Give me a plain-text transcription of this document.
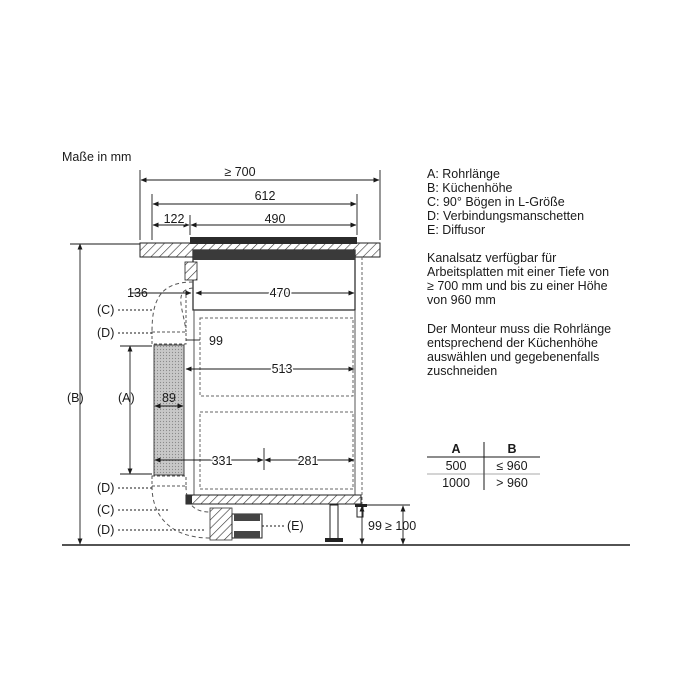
Maße in mm
≥ 700
612
122	490
136	470
99
513
89
331	281
99 ≥ 100
(C)
(D)
(A)
(B)
(D)
(C)
(D)	(E)
A: Rohrlänge
B: Küchenhöhe
C: 90° Bögen in L-Größe
D: Verbindungsmanschetten
E: Diffusor
Kanalsatz verfügbar für
Arbeitsplatten mit einer Tiefe von
≥ 700 mm und bis zu einer Höhe
von 960 mm
Der Monteur muss die Rohrlänge
entsprechend der Küchenhöhe
auswählen und gegebenenfalls
zuschneiden
A	B
500 ≤ 960
1000 > 960
